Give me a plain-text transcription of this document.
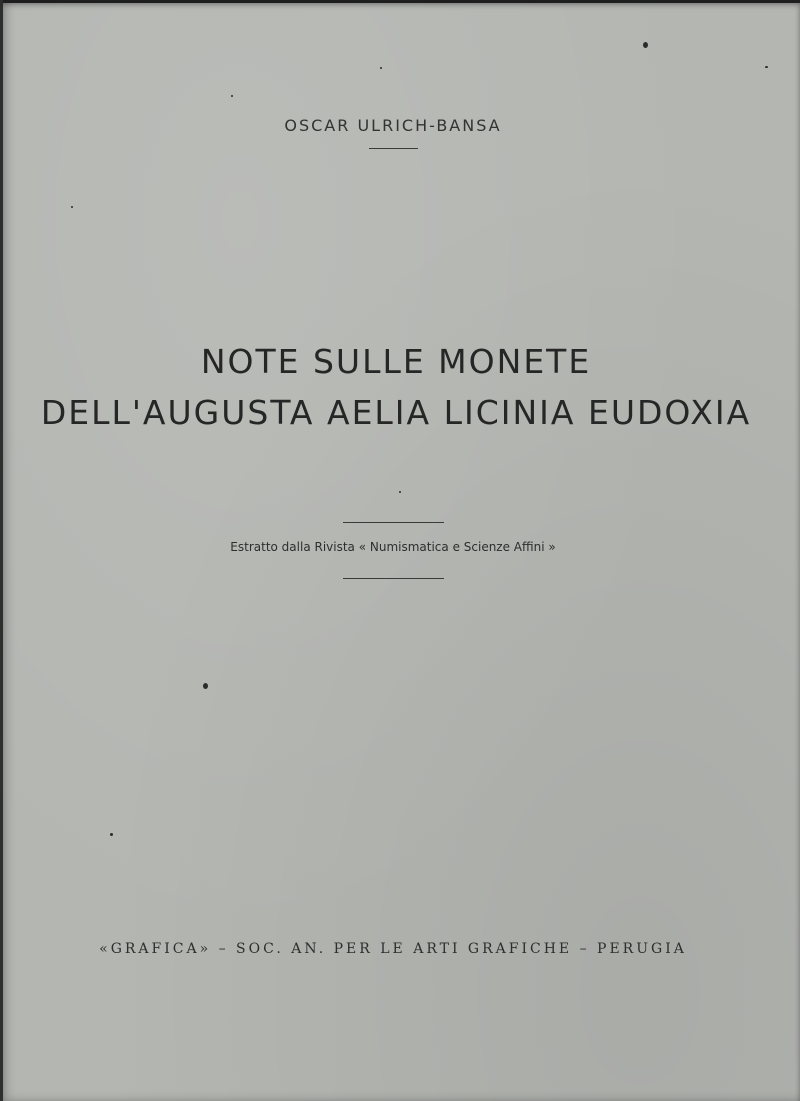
OSCAR ULRICH-BANSA
NOTE SULLE MONETE
DELL'AUGUSTA AELIA LICINIA EUDOXIA
Estratto dalla Rivista « Numismatica e Scienze Affini »
«GRAFICA» – SOC. AN. PER LE ARTI GRAFICHE – PERUGIA
